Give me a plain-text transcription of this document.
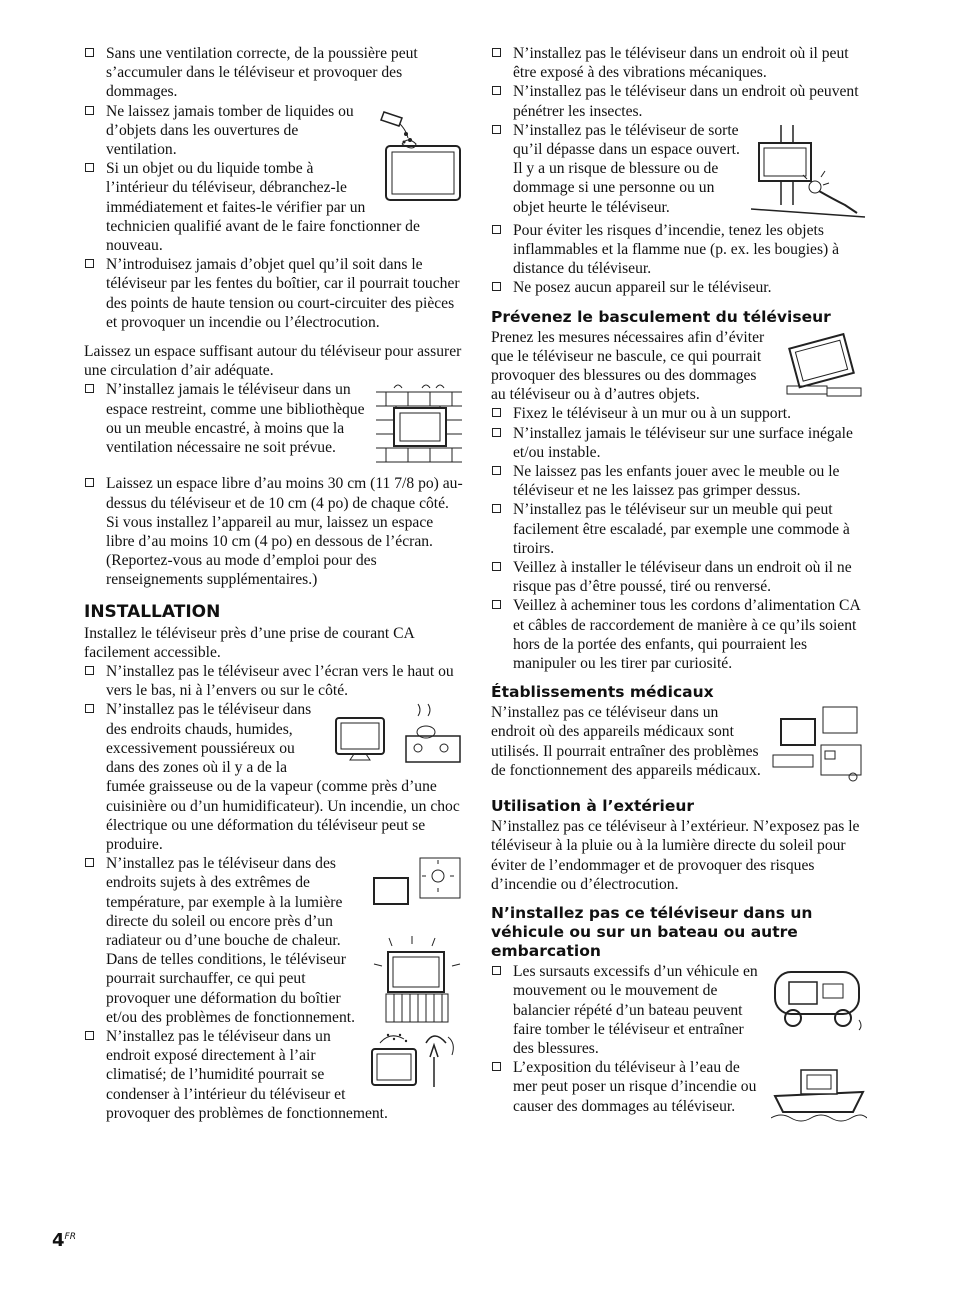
Sans une ventilation correcte, de la poussière peut s’accumuler dans le téléviseur et provoquer des dommages.

Ne laissez jamais tomber de liquides ou d’objets dans les ouvertures de ventilation.

Si un objet ou du liquide tombe à l’intérieur du téléviseur, débranchez-le immédiatement et faites-le vérifier par un technicien qualifié avant de le faire fonctionner de nouveau.

N’introduisez jamais d’objet quel qu’il soit dans le téléviseur par les fentes du boîtier, car il pourrait toucher des points de haute tension ou court-circuiter des pièces et provoquer un incendie ou l’électrocution.

Laissez un espace suffisant autour du téléviseur pour assurer une circulation d’air adéquate.

N’installez jamais le téléviseur dans un espace restreint, comme une bibliothèque ou un meuble encastré, à moins que la ventilation nécessaire ne soit prévue.

Laissez un espace libre d’au moins 30 cm (11 7/8 po) au-dessus du téléviseur et de 10 cm (4 po) de chaque côté. Si vous installez l’appareil au mur, laissez un espace libre d’au moins 10 cm (4 po) en dessous de l’écran. (Reportez-vous au mode d’emploi pour des renseignements supplémentaires.)

INSTALLATION

Installez le téléviseur près d’une prise de courant CA facilement accessible.

N’installez pas le téléviseur avec l’écran vers le haut ou vers le bas, ni à l’envers ou sur le côté.

N’installez pas le téléviseur dans des endroits chauds, humides, excessivement poussiéreux ou dans des zones où il y a de la fumée graisseuse ou de la vapeur (comme près d’une cuisinière ou d’un humidificateur). Un incendie, un choc électrique ou une déformation du téléviseur peut se produire.

N’installez pas le téléviseur dans des endroits sujets à des extrêmes de température, par exemple à la lumière directe du soleil ou encore près d’un radiateur ou d’une bouche de chaleur. Dans de telles conditions, le téléviseur pourrait surchauffer, ce qui peut provoquer une déformation du boîtier et/ou des problèmes de fonctionnement.

N’installez pas le téléviseur dans un endroit exposé directement à l’air climatisé; de l’humidité pourrait se condenser à l’intérieur du téléviseur et provoquer des problèmes de fonctionnement.

N’installez pas le téléviseur dans un endroit où il peut être exposé à des vibrations mécaniques.

N’installez pas le téléviseur dans un endroit où peuvent pénétrer les insectes.

N’installez pas le téléviseur de sorte qu’il dépasse dans un espace ouvert. Il y a un risque de blessure ou de dommage si une personne ou un objet heurte le téléviseur.

Pour éviter les risques d’incendie, tenez les objets inflammables et la flamme nue (p. ex. les bougies) à distance du téléviseur.

Ne posez aucun appareil sur le téléviseur.

Prévenez le basculement du téléviseur

Prenez les mesures nécessaires afin d’éviter que le téléviseur ne bascule, ce qui pourrait provoquer des blessures ou des dommages au téléviseur ou à d’autres objets.

Fixez le téléviseur à un mur ou à un support.

N’installez jamais le téléviseur sur une surface inégale et/ou instable.

Ne laissez pas les enfants jouer avec le meuble ou le téléviseur et ne les laissez pas grimper dessus.

N’installez pas le téléviseur sur un meuble qui peut facilement être escaladé, par exemple une commode à tiroirs.

Veillez à installer le téléviseur dans un endroit où il ne risque pas d’être poussé, tiré ou renversé.

Veillez à acheminer tous les cordons d’alimentation CA et câbles de raccordement de manière à ce qu’ils soient hors de la portée des enfants, qui pourraient les manipuler ou les tirer par curiosité.

Établissements médicaux

N’installez pas ce téléviseur dans un endroit où des appareils médicaux sont utilisés. Il pourrait entraîner des problèmes de fonctionnement des appareils médicaux.

Utilisation à l’extérieur

N’installez pas ce téléviseur à l’extérieur. N’exposez pas le téléviseur à la pluie ou à la lumière directe du soleil pour éviter de l’endommager et de provoquer des risques d’incendie ou d’électrocution.

N’installez pas ce téléviseur dans un véhicule ou sur un bateau ou autre embarcation

Les sursauts excessifs d’un véhicule en mouvement ou le mouvement de balancier répété d’un bateau peuvent faire tomber le téléviseur et entraîner des blessures.

L’exposition du téléviseur à l’eau de mer peut poser un risque d’incendie ou causer des dommages au téléviseur.

$4^{FR}$
